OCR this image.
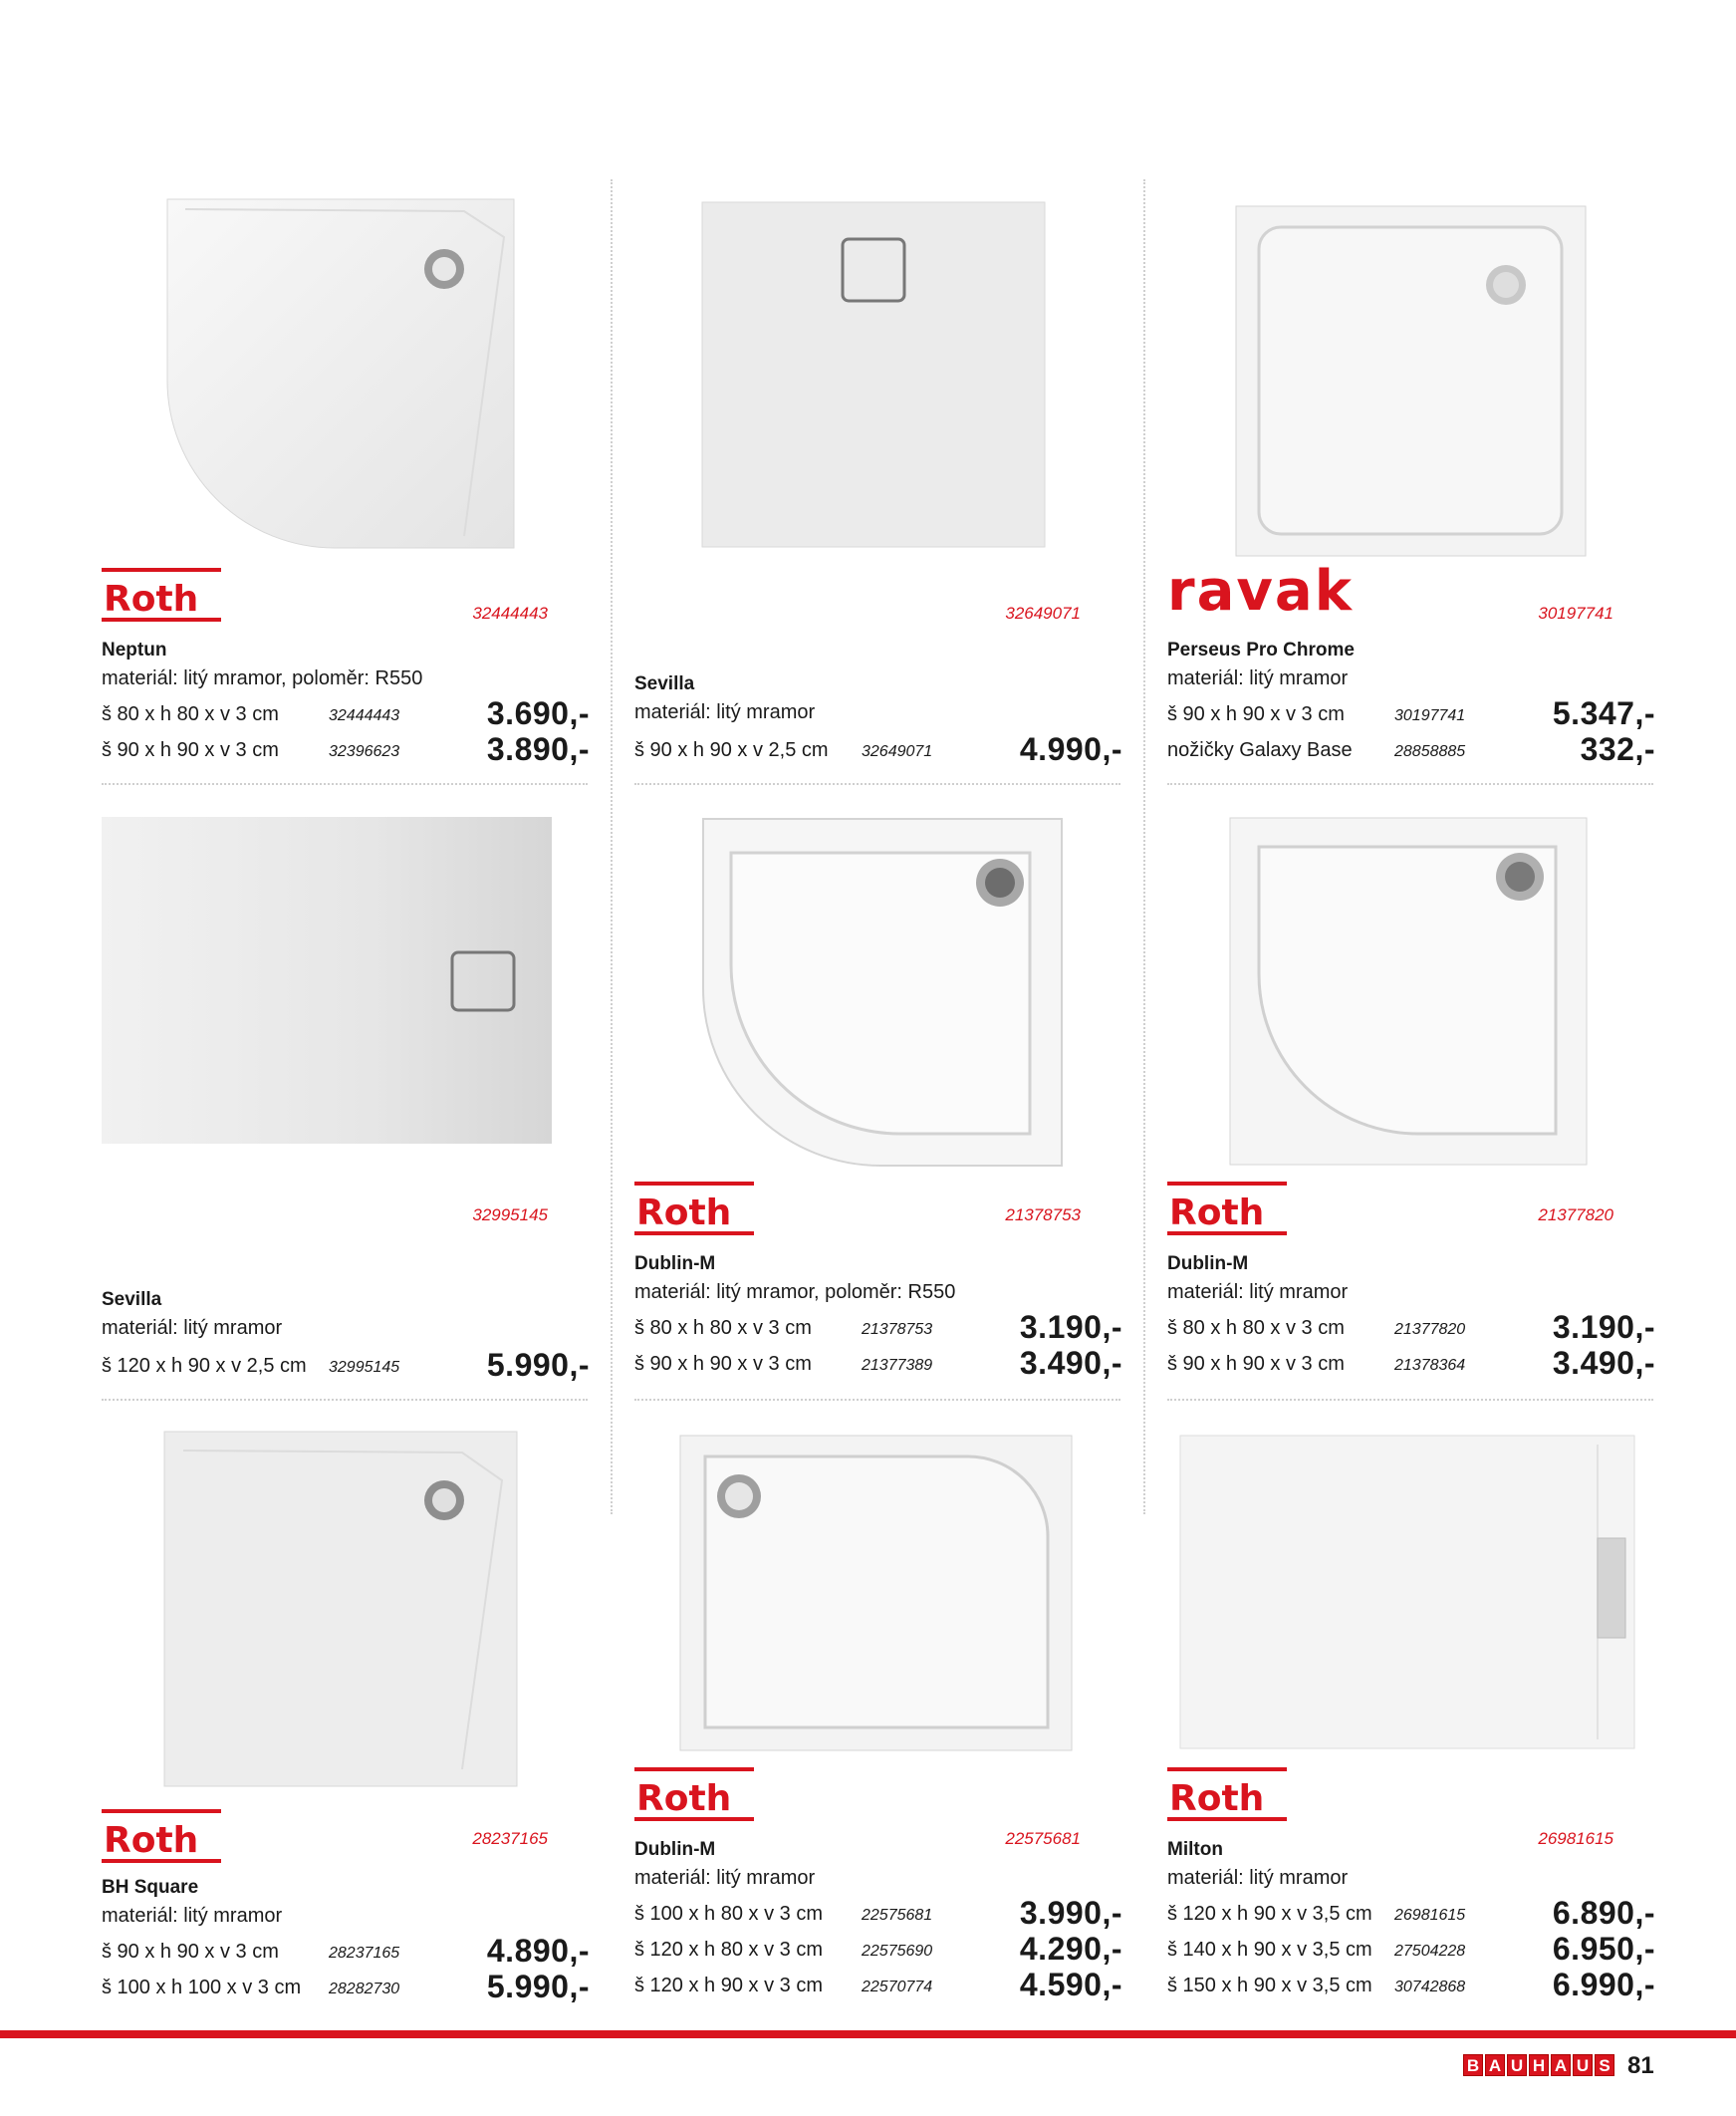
Roth	32444443
Neptun
materiál: litý mramor, poloměr: R550
š 80 x h 80 x v 3 cm	32444443	3.690,-
š 90 x h 90 x v 3 cm	32396623	3.890,-
32649071
Sevilla
materiál: litý mramor
š 90 x h 90 x v 2,5 cm 32649071	4.990,-
ravak	30197741
Perseus Pro Chrome
materiál: litý mramor
š 90 x h 90 x v 3 cm	30197741	5.347,-
nožičky Galaxy Base	28858885	332,-
32995145
Sevilla
materiál: litý mramor
š 120 x h 90 x v 2,5 cm 32995145	5.990,-
Roth	21378753
Dublin-M
materiál: litý mramor, poloměr: R550
š 80 x h 80 x v 3 cm	21378753	3.190,-
š 90 x h 90 x v 3 cm	21377389	3.490,-
Roth	21377820
Dublin-M
materiál: litý mramor
š 80 x h 80 x v 3 cm	21377820	3.190,-
š 90 x h 90 x v 3 cm	21378364	3.490,-
Roth	28237165
BH Square
materiál: litý mramor
š 90 x h 90 x v 3 cm	28237165	4.890,-
š 100 x h 100 x v 3 cm 28282730	5.990,-
Roth
22575681
Dublin-M
materiál: litý mramor
š 100 x h 80 x v 3 cm 22575681	3.990,-
š 120 x h 80 x v 3 cm 22575690	4.290,-
š 120 x h 90 x v 3 cm 22570774	4.590,-
Roth
26981615
Milton
materiál: litý mramor
š 120 x h 90 x v 3,5 cm 26981615	6.890,-
š 140 x h 90 x v 3,5 cm 27504228	6.950,-
š 150 x h 90 x v 3,5 cm 30742868	6.990,-
B A U H A U S 81
